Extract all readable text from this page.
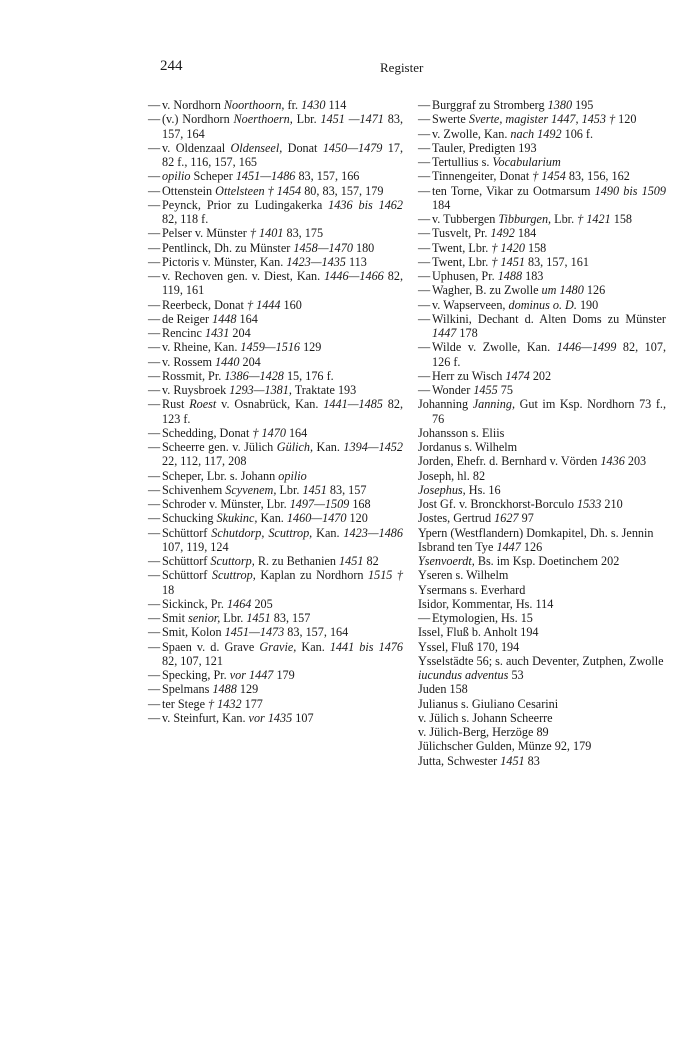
244	Register

— v. Nordhorn Noorthoorn, fr. 1430 114

— (v.) Nordhorn Noerthoern, Lbr. 1451 —1471 83, 157, 164

— v. Oldenzaal Oldenseel, Donat 1450—1479 17, 82 f., 116, 157, 165

— opilio Scheper 1451—1486 83, 157, 166

— Ottenstein Ottelsteen † 1454 80, 83, 157, 179

— Peynck, Prior zu Ludingakerka 1436 bis 1462 82, 118 f.

— Pelser v. Münster † 1401 83, 175

— Pentlinck, Dh. zu Münster 1458—1470 180

— Pictoris v. Münster, Kan. 1423—1435 113

— v. Rechoven gen. v. Diest, Kan. 1446—1466 82, 119, 161

— Reerbeck, Donat † 1444 160

— de Reiger 1448 164

— Rencinc 1431 204

— v. Rheine, Kan. 1459—1516 129

— v. Rossem 1440 204

— Rossmit, Pr. 1386—1428 15, 176 f.

— v. Ruysbroek 1293—1381, Traktate 193

— Rust Roest v. Osnabrück, Kan. 1441—1485 82, 123 f.

— Schedding, Donat † 1470 164

— Scheerre gen. v. Jülich Gülich, Kan. 1394—1452 22, 112, 117, 208

— Scheper, Lbr. s. Johann opilio

— Schivenhem Scyvenem, Lbr. 1451 83, 157

— Schroder v. Münster, Lbr. 1497—1509 168

— Schucking Skukinc, Kan. 1460—1470 120

— Schüttorf Schutdorp, Scuttrop, Kan. 1423—1486 107, 119, 124

— Schüttorf Scuttorp, R. zu Bethanien 1451 82

— Schüttorf Scuttrop, Kaplan zu Nordhorn 1515 † 18

— Sickinck, Pr. 1464 205

— Smit senior, Lbr. 1451 83, 157

— Smit, Kolon 1451—1473 83, 157, 164

— Spaen v. d. Grave Gravie, Kan. 1441 bis 1476 82, 107, 121

— Specking, Pr. vor 1447 179

— Spelmans 1488 129

— ter Stege † 1432 177

— v. Steinfurt, Kan. vor 1435 107

— Burggraf zu Stromberg 1380 195

— Swerte Sverte, magister 1447, 1453 † 120

— v. Zwolle, Kan. nach 1492 106 f.

— Tauler, Predigten 193

— Tertullius s. Vocabularium

— Tinnengeiter, Donat † 1454 83, 156, 162

— ten Torne, Vikar zu Ootmarsum 1490 bis 1509 184

— v. Tubbergen Tibburgen, Lbr. † 1421 158

— Tusvelt, Pr. 1492 184

— Twent, Lbr. † 1420 158

— Twent, Lbr. † 1451 83, 157, 161

— Uphusen, Pr. 1488 183

— Wagher, B. zu Zwolle um 1480 126

— v. Wapserveen, dominus o. D. 190

— Wilkini, Dechant d. Alten Doms zu Münster 1447 178

— Wilde v. Zwolle, Kan. 1446—1499 82, 107, 126 f.

— Herr zu Wisch 1474 202

— Wonder 1455 75

Johanning Janning, Gut im Ksp. Nordhorn 73 f., 76

Johansson s. Eliis

Jordanus s. Wilhelm

Jorden, Ehefr. d. Bernhard v. Vörden 1436 203

Joseph, hl. 82

Josephus, Hs. 16

Jost Gf. v. Bronckhorst-Borculo 1533 210

Jostes, Gertrud 1627 97

Ypern (Westflandern) Domkapitel, Dh. s. Jennin

Isbrand ten Tye 1447 126

Ysenvoerdt, Bs. im Ksp. Doetinchem 202

Yseren s. Wilhelm

Ysermans s. Everhard

Isidor, Kommentar, Hs. 114

— Etymologien, Hs. 15

Issel, Fluß b. Anholt 194

Yssel, Fluß 170, 194

Ysselstädte 56; s. auch Deventer, Zutphen, Zwolle

iucundus adventus 53

Juden 158

Julianus s. Giuliano Cesarini

v. Jülich s. Johann Scheerre

v. Jülich-Berg, Herzöge 89

Jülichscher Gulden, Münze 92, 179

Jutta, Schwester 1451 83
